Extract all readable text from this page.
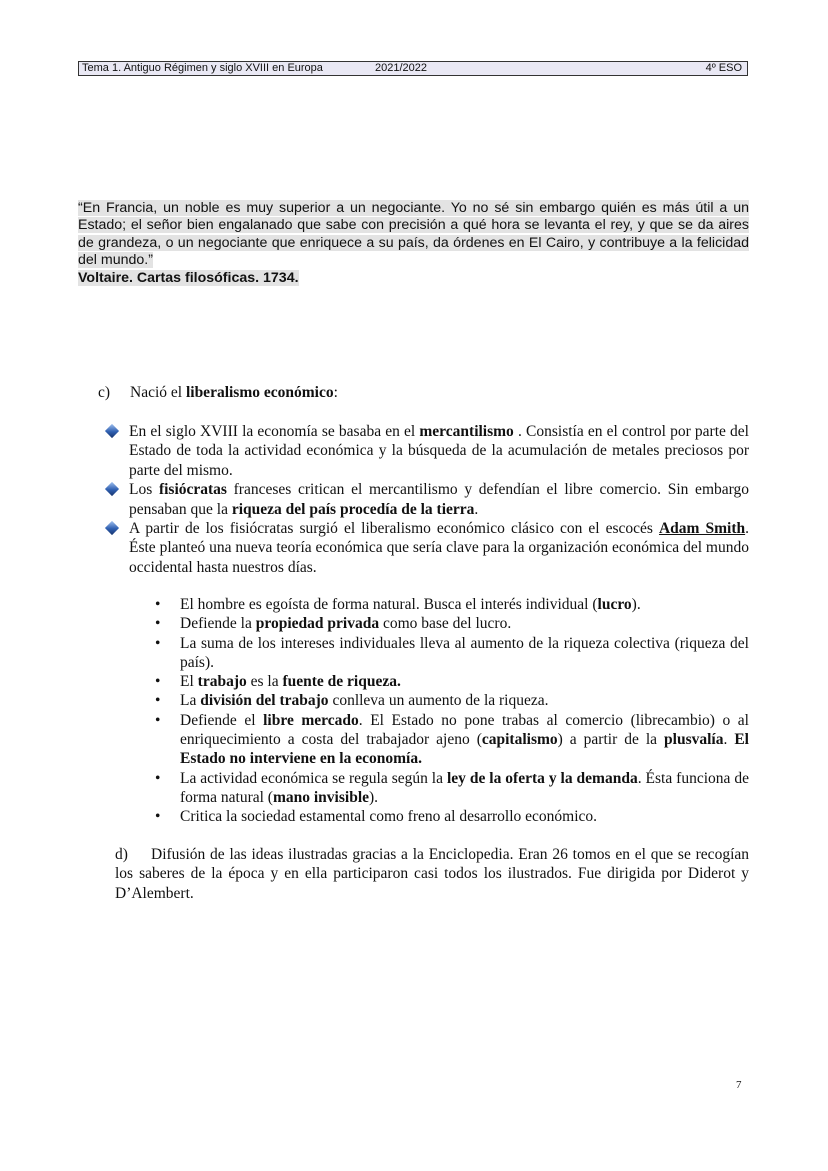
Tema 1. Antiguo Régimen y siglo XVIII en Europa	2021/2022	4º ESO

“En Francia, un noble es muy superior a un negociante. Yo no sé sin embargo quién es más útil a un Estado; el señor bien engalanado que sabe con precisión a qué hora se levanta el rey, y que se da aires de grandeza, o un negociante que enriquece a su país, da órdenes en El Cairo, y contribuye a la felicidad del mundo.”

Voltaire. Cartas filosóficas. 1734.

c) Nació el liberalismo económico:

En el siglo XVIII la economía se basaba en el mercantilismo . Consistía en el control por parte del Estado de toda la actividad económica y la búsqueda de la acumulación de metales preciosos por parte del mismo.

Los fisiócratas franceses critican el mercantilismo y defendían el libre comercio. Sin embargo pensaban que la riqueza del país procedía de la tierra.

A partir de los fisiócratas surgió el liberalismo económico clásico con el escocés Adam Smith. Éste planteó una nueva teoría económica que sería clave para la organización económica del mundo occidental hasta nuestros días.

• El hombre es egoísta de forma natural. Busca el interés individual (lucro).
• Defiende la propiedad privada como base del lucro.
• La suma de los intereses individuales lleva al aumento de la riqueza colectiva (riqueza del país).
• El trabajo es la fuente de riqueza.
• La división del trabajo conlleva un aumento de la riqueza.
• Defiende el libre mercado. El Estado no pone trabas al comercio (librecambio) o al enriquecimiento a costa del trabajador ajeno (capitalismo) a partir de la plusvalía. El Estado no interviene en la economía.
• La actividad económica se regula según la ley de la oferta y la demanda. Ésta funciona de forma natural (mano invisible).
• Critica la sociedad estamental como freno al desarrollo económico.
d) Difusión de las ideas ilustradas gracias a la Enciclopedia. Eran 26 tomos en el que se recogían los saberes de la época y en ella participaron casi todos los ilustrados. Fue dirigida por Diderot y D’Alembert.
7
